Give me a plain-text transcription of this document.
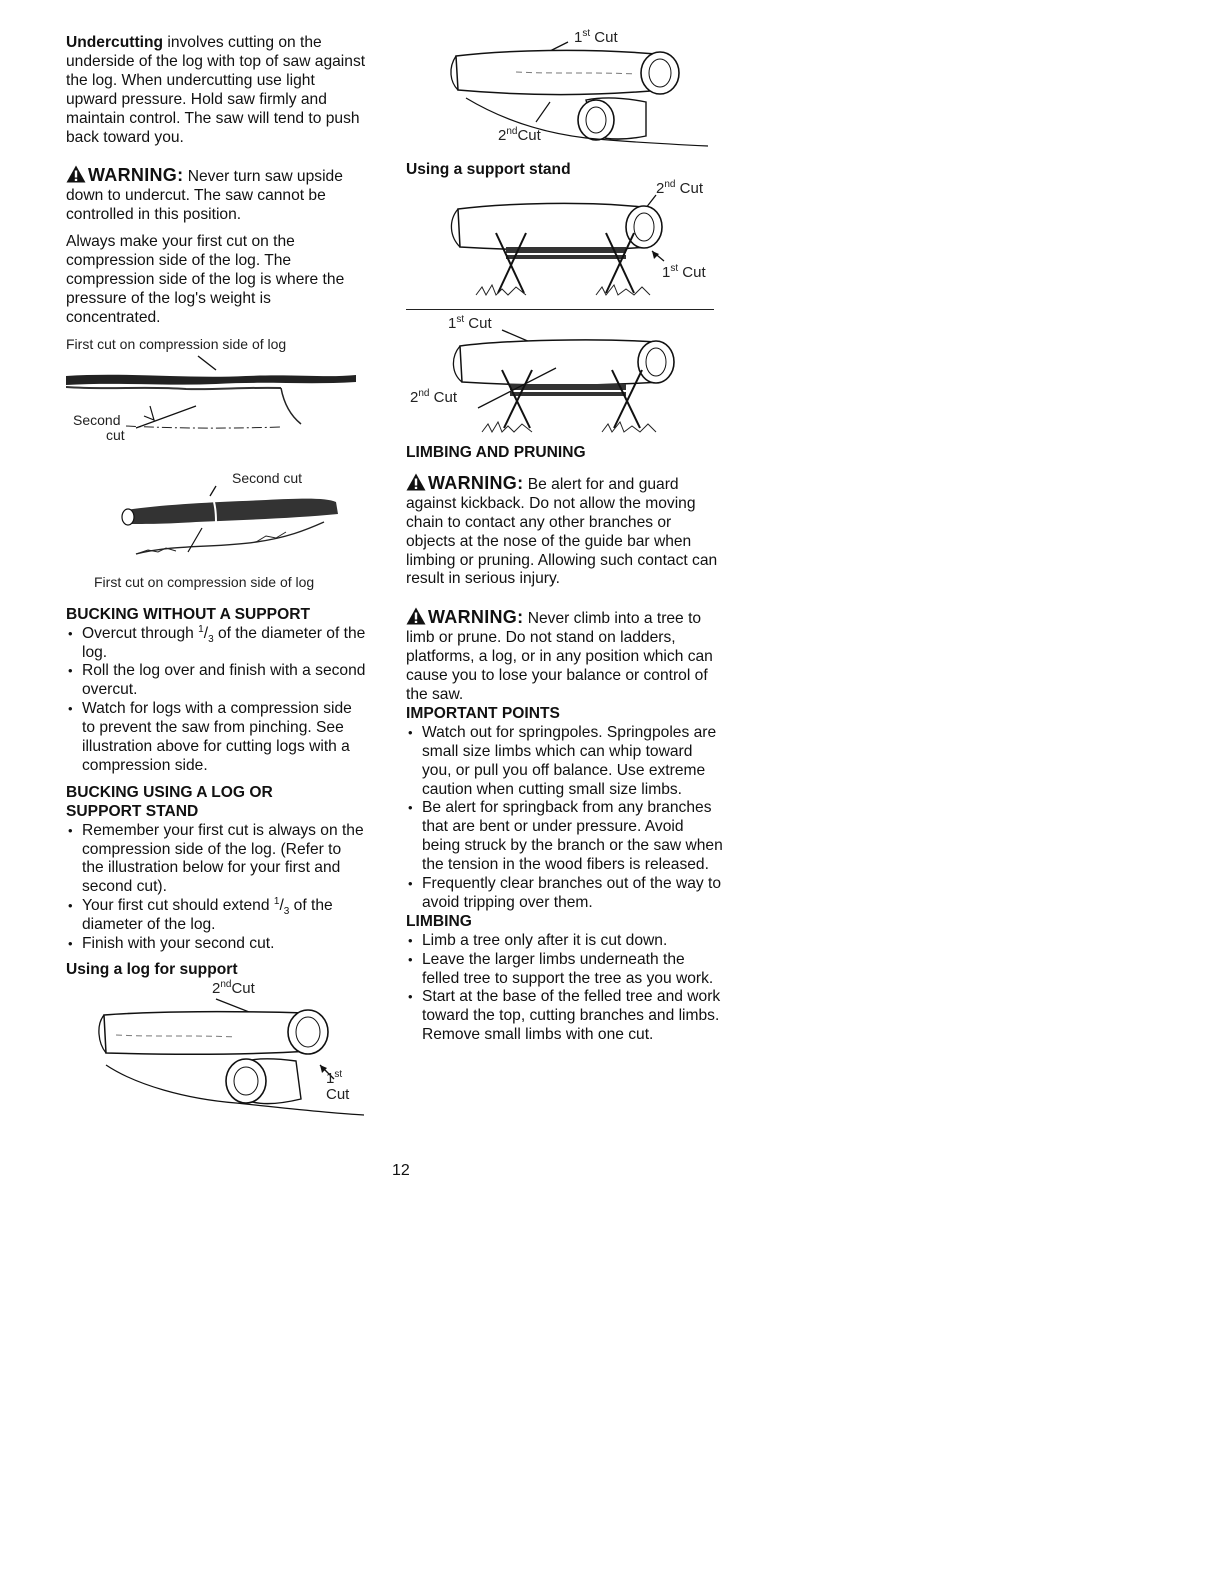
Undercutting involves cutting on the underside of the log with top of saw against the log. When undercutting use light upward pressure. Hold saw firmly and maintain control. The saw will tend to push back toward you.

WARNING: Never turn saw upside down to undercut. The saw cannot be controlled in this position.

Always make your first cut on the compression side of the log. The compression side of the log is where the pressure of the log's weight is concentrated.

First cut on compression side of log
Second
cut
Second cut
First cut on compression side of log
BUCKING WITHOUT A SUPPORT
• Overcut through $^1/_3$ of the diameter of the log.
• Roll the log over and finish with a second overcut.
• Watch for logs with a compression side to prevent the saw from pinching. See illustration above for cutting logs with a compression side.
BUCKING USING A LOG OR
SUPPORT STAND
• Remember your first cut is always on the compression side of the log. (Refer to the illustration below for your first and second cut).
• Your first cut should extend $^1/_3$ of the diameter of the log.
• Finish with your second cut.
Using a log for support
2ndCut
1st Cut
1st Cut
2ndCut
Using a support stand
2nd Cut
1st Cut
1st Cut
2nd Cut
LIMBING AND PRUNING

WARNING: Be alert for and guard against kickback. Do not allow the moving chain to contact any other branches or objects at the nose of the guide bar when limbing or pruning. Allowing such contact can result in serious injury.

WARNING: Never climb into a tree to limb or prune. Do not stand on ladders, platforms, a log, or in any position which can cause you to lose your balance or control of the saw.

IMPORTANT POINTS
• Watch out for springpoles. Springpoles are small size limbs which can whip toward you, or pull you off balance. Use extreme caution when cutting small size limbs.
• Be alert for springback from any branches that are bent or under pressure. Avoid being struck by the branch or the saw when the tension in the wood fibers is released.
• Frequently clear branches out of the way to avoid tripping over them.
LIMBING
• Limb a tree only after it is cut down.
• Leave the larger limbs underneath the felled tree to support the tree as you work.
• Start at the base of the felled tree and work toward the top, cutting branches and limbs. Remove small limbs with one cut.
12
